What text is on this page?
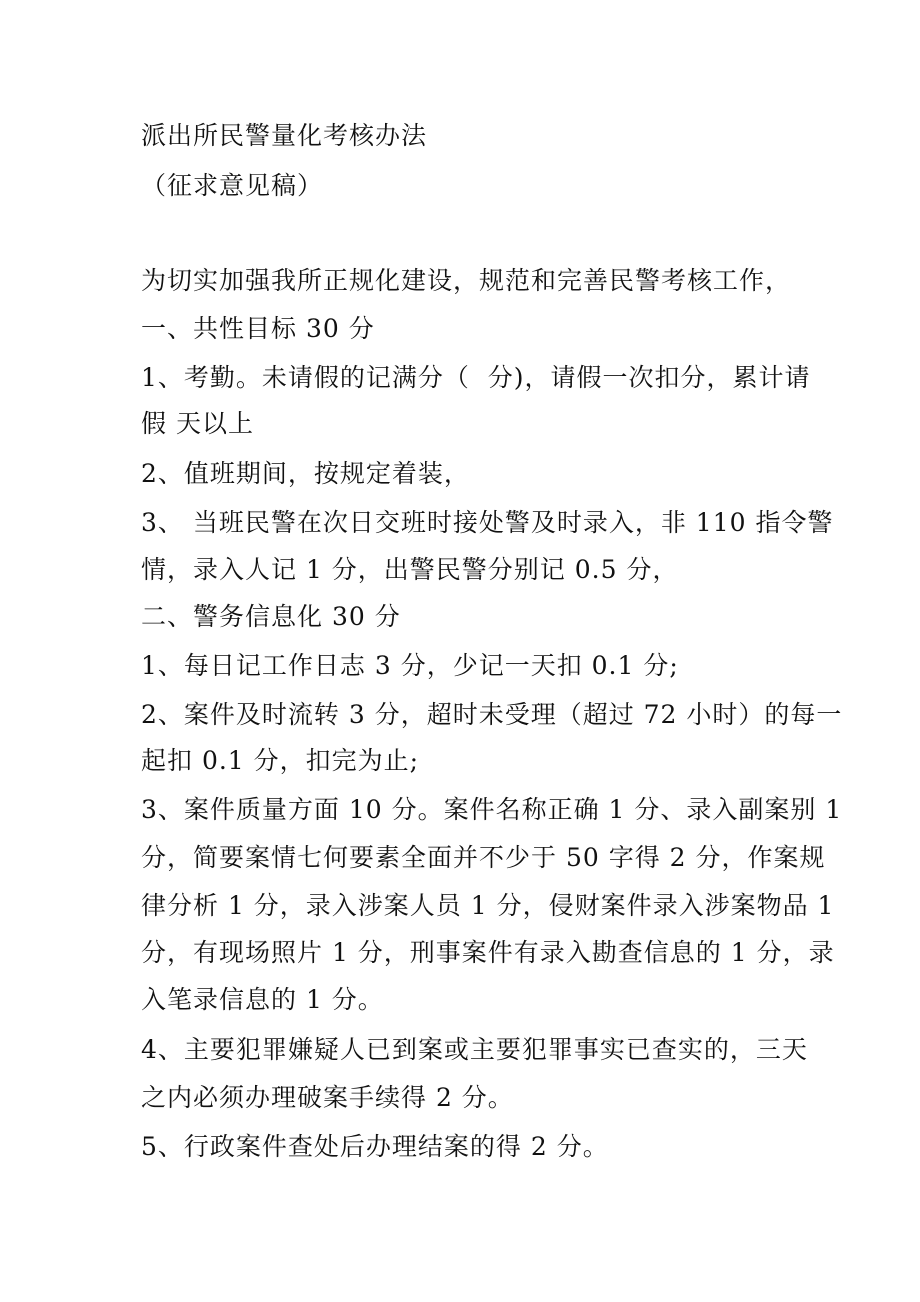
派出所民警量化考核办法
（征求意见稿）
为切实加强我所正规化建设，规范和完善民警考核工作，
一、共性目标 30 分
1、考勤。未请假的记满分（  分)，请假一次扣分，累计请
假 天以上
2、值班期间，按规定着装，
3、 当班民警在次日交班时接处警及时录入，非 110 指令警
情，录入人记 1 分，出警民警分别记 0.5 分，
二、警务信息化 30 分
1、每日记工作日志 3 分，少记一天扣 0.1 分;
2、案件及时流转 3 分，超时未受理（超过 72 小时）的每一
起扣 0.1 分，扣完为止;
3、案件质量方面 10 分。案件名称正确 1 分、录入副案别 1
分，简要案情七何要素全面并不少于 50 字得 2 分，作案规
律分析 1 分，录入涉案人员 1 分，侵财案件录入涉案物品 1
分，有现场照片 1 分，刑事案件有录入勘查信息的 1 分，录
入笔录信息的 1 分。
4、主要犯罪嫌疑人已到案或主要犯罪事实已查实的，三天
之内必须办理破案手续得 2 分。
5、行政案件查处后办理结案的得 2 分。
